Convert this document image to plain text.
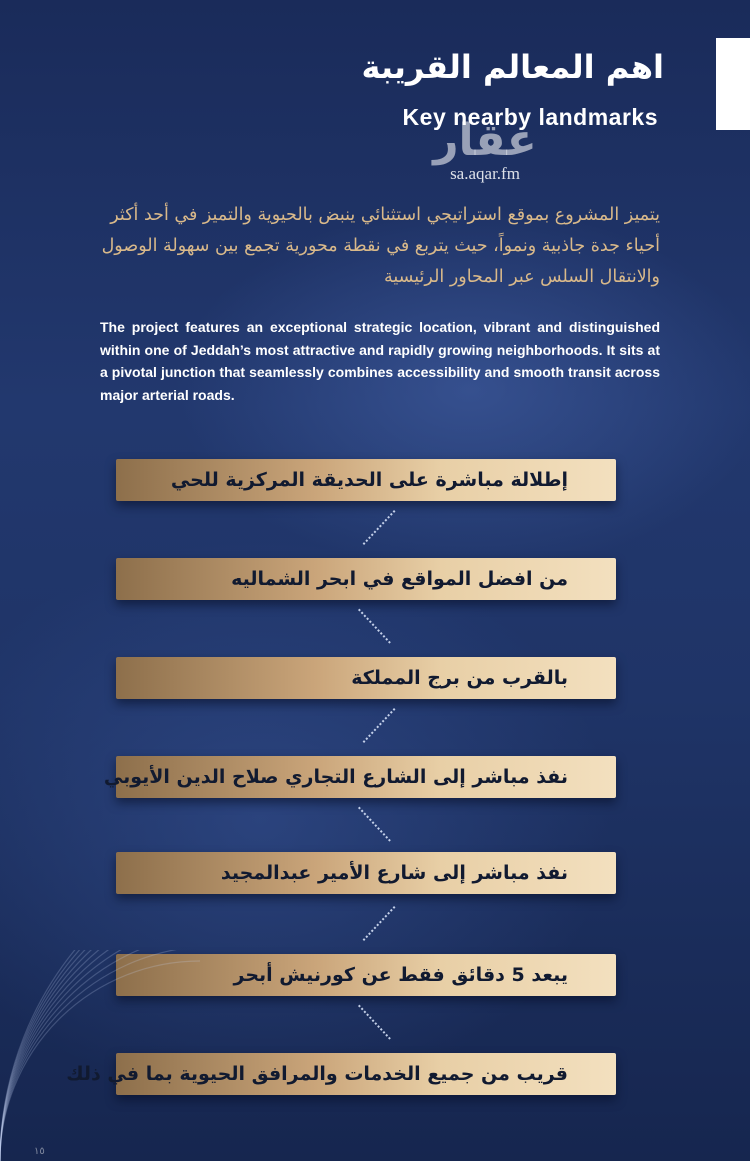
اهم المعالم القريبة
Key nearby landmarks
عقار
sa.aqar.fm
يتميز المشروع بموقع استراتيجي استثنائي ينبض بالحيوية والتميز في أحد أكثر أحياء جدة جاذبية ونمواً، حيث يتربع في نقطة محورية تجمع بين سهولة الوصول والانتقال السلس عبر المحاور الرئيسية
The project features an exceptional strategic location, vibrant and distinguished within one of Jeddah’s most attractive and rapidly growing neighborhoods. It sits at a pivotal junction that seamlessly combines accessibility and smooth transit across major arterial roads.
إطلالة مباشرة على الحديقة المركزية للحي
من افضل المواقع في ابحر الشماليه
بالقرب من برج المملكة
نفذ مباشر إلى الشارع التجاري صلاح الدين الأيوبي
نفذ مباشر إلى شارع الأمير عبدالمجيد
يبعد 5 دقائق فقط عن كورنيش أبحر
قريب من جميع الخدمات والمرافق الحيوية بما في ذلك
١٥
